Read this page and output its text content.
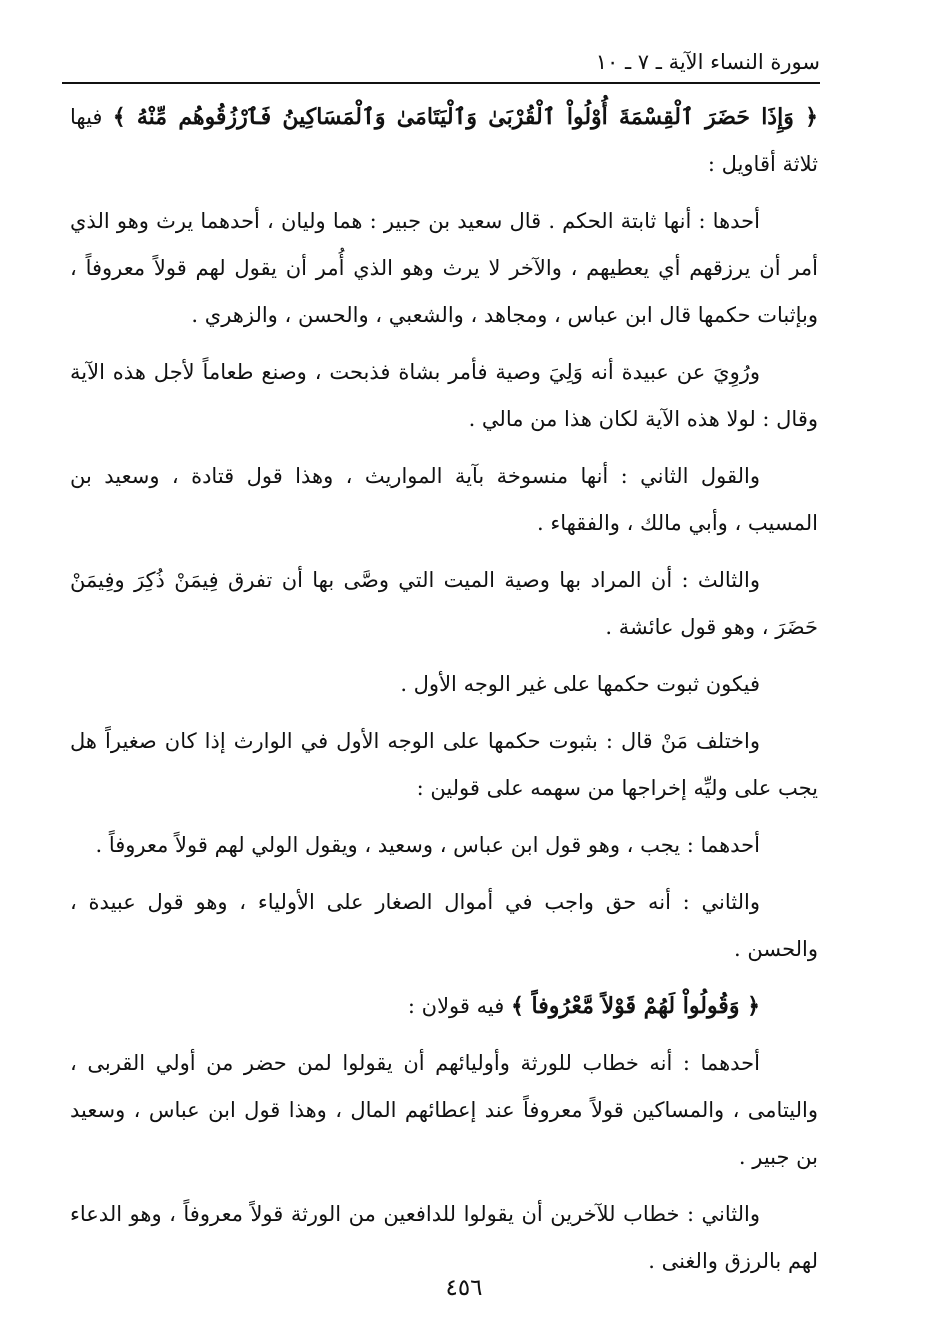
سورة النساء الآية ـ ٧ ـ ١٠

﴿ وَإِذَا حَضَرَ ٱلْقِسْمَةَ أُوْلُواْ ٱلْقُرْبَىٰ وَٱلْيَتَامَىٰ وَٱلْمَسَاكِينُ فَٱرْزُقُوهُم مِّنْهُ ﴾ فيها ثلاثة أقاويل :

أحدها : أنها ثابتة الحكم . قال سعيد بن جبير : هما وليان ، أحدهما يرث وهو الذي أمر أن يرزقهم أي يعطيهم ، والآخر لا يرث وهو الذي أُمر أن يقول لهم قولاً معروفاً ، وبإثبات حكمها قال ابن عباس ، ومجاهد ، والشعبي ، والحسن ، والزهري .

ورُوِيَ عن عبيدة أنه وَلِيَ وصية فأمر بشاة فذبحت ، وصنع طعاماً لأجل هذه الآية وقال : لولا هذه الآية لكان هذا من مالي .

والقول الثاني : أنها منسوخة بآية المواريث ، وهذا قول قتادة ، وسعيد بن المسيب ، وأبي مالك ، والفقهاء .

والثالث : أن المراد بها وصية الميت التي وصَّى بها أن تفرق فِيمَنْ ذُكِرَ وفِيمَنْ حَضَرَ ، وهو قول عائشة .

فيكون ثبوت حكمها على غير الوجه الأول .

واختلف مَنْ قال : بثبوت حكمها على الوجه الأول في الوارث إذا كان صغيراً هل يجب على وليِّه إخراجها من سهمه على قولين :

أحدهما : يجب ، وهو قول ابن عباس ، وسعيد ، ويقول الولي لهم قولاً معروفاً .

والثاني : أنه حق واجب في أموال الصغار على الأولياء ، وهو قول عبيدة ، والحسن .

﴿ وَقُولُواْ لَهُمْ قَوْلاً مَّعْرُوفاً ﴾ فيه قولان :

أحدهما : أنه خطاب للورثة وأوليائهم أن يقولوا لمن حضر من أولي القربى ، واليتامى ، والمساكين قولاً معروفاً عند إعطائهم المال ، وهذا قول ابن عباس ، وسعيد بن جبير .

والثاني : خطاب للآخرين أن يقولوا للدافعين من الورثة قولاً معروفاً ، وهو الدعاء لهم بالرزق والغنى .

٤٥٦
